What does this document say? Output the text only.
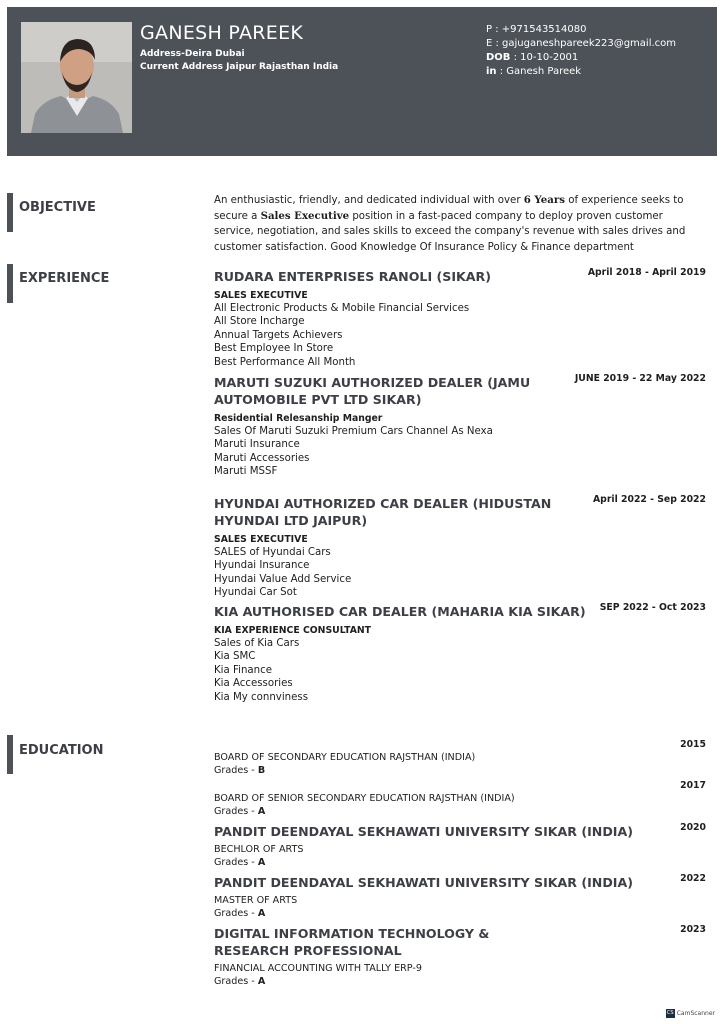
GANESH PAREEK
Address-Deira Dubai
Current Address Jaipur Rajasthan India
P : +971543514080
E : gajuganeshpareek223@gmail.com
DOB : 10-10-2001
in : Ganesh Pareek
OBJECTIVE	An enthusiastic, friendly, and dedicated individual with over 6 Years of experience seeks to secure a Sales Executive position in a fast-paced company to deploy proven customer service, negotiation, and sales skills to exceed the company's revenue with sales drives and customer satisfaction. Good Knowledge Of Insurance Policy & Finance department
EXPERIENCE	April 2018 - April 2019
RUDARA ENTERPRISES RANOLI (SIKAR)
SALES EXECUTIVE
All Electronic Products & Mobile Financial Services
All Store Incharge
Annual Targets Achievers
Best Employee In Store
Best Performance All Month
JUNE 2019 - 22 May 2022
MARUTI SUZUKI AUTHORIZED DEALER (JAMU AUTOMOBILE PVT LTD SIKAR)
Residential Relesanship Manger
Sales Of Maruti Suzuki Premium Cars Channel As Nexa
Maruti Insurance
Maruti Accessories
Maruti MSSF
April 2022 - Sep 2022
HYUNDAI AUTHORIZED CAR DEALER (HIDUSTAN HYUNDAI LTD JAIPUR)
SALES EXECUTIVE
SALES of Hyundai Cars
Hyundai Insurance
Hyundai Value Add Service
Hyundai Car Sot
SEP 2022 - Oct 2023
KIA AUTHORISED CAR DEALER (MAHARIA KIA SIKAR)
KIA EXPERIENCE CONSULTANT
Sales of Kia Cars
Kia SMC
Kia Finance
Kia Accessories
Kia My connviness
EDUCATION	2015
BOARD OF SECONDARY EDUCATION RAJSTHAN (INDIA)
Grades - B
2017
BOARD OF SENIOR SECONDARY EDUCATION RAJSTHAN (INDIA)
Grades - A
2020
PANDIT DEENDAYAL SEKHAWATI UNIVERSITY SIKAR (INDIA)
BECHLOR OF ARTS
Grades - A
2022
PANDIT DEENDAYAL SEKHAWATI UNIVERSITY SIKAR (INDIA)
MASTER OF ARTS
Grades - A
2023
DIGITAL INFORMATION TECHNOLOGY & RESEARCH PROFESSIONAL
FINANCIAL ACCOUNTING WITH TALLY ERP-9
Grades - A
CS CamScanner
